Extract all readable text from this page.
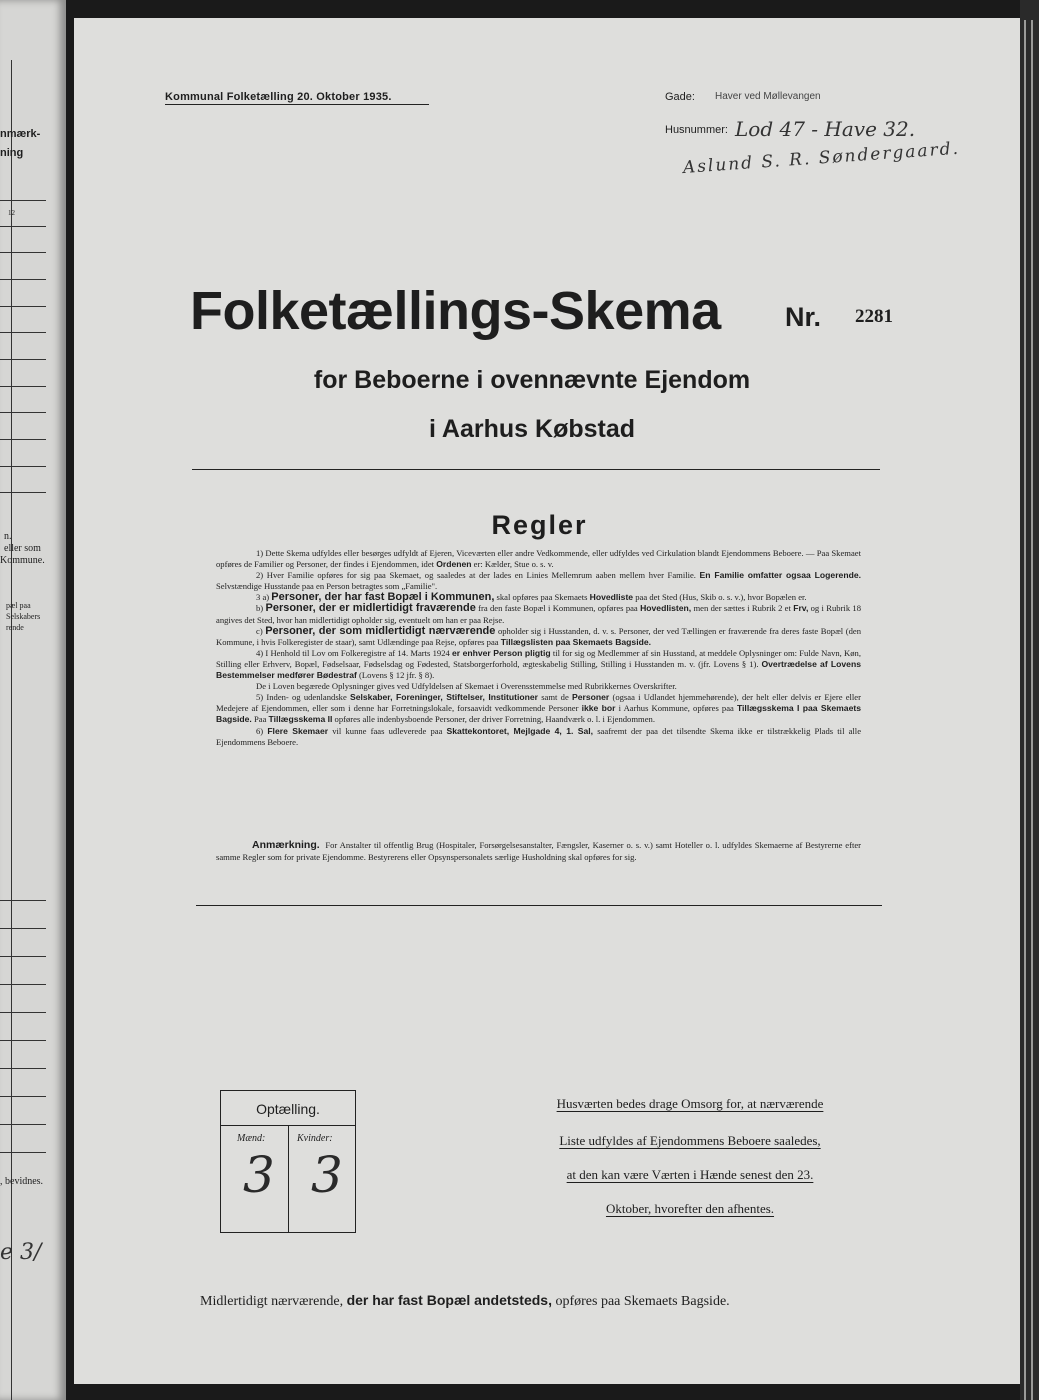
nmærk-
ning
12
n.
eller som
Kommune.
pæl paa
Selskabers
rende
, bevidnes.
e 3/
Kommunal Folketælling 20. Oktober 1935.	Gade: Haver ved Møllevangen
Husnummer: Lod 47 - Have 32.
Aslund S. R. Søndergaard.
Folketællings-Skema Nr. 2281
for Beboerne i ovennævnte Ejendom
i Aarhus Købstad
Regler

1) Dette Skema udfyldes eller besørges udfyldt af Ejeren, Viceværten eller andre Vedkommende, eller udfyldes ved Cirkulation blandt Ejendommens Beboere. — Paa Skemaet opføres de Familier og Personer, der findes i Ejendommen, idet Ordenen er: Kælder, Stue o. s. v.

2) Hver Familie opføres for sig paa Skemaet, og saaledes at der lades en Linies Mellemrum aaben mellem hver Familie. En Familie omfatter ogsaa Logerende. Selvstændige Husstande paa en Person betragtes som „Familie".

3 a) Personer, der har fast Bopæl i Kommunen, skal opføres paa Skemaets Hovedliste paa det Sted (Hus, Skib o. s. v.), hvor Bopælen er.

b) Personer, der er midlertidigt fraværende fra den faste Bopæl i Kommunen, opføres paa Hovedlisten, men der sættes i Rubrik 2 et Frv, og i Rubrik 18 angives det Sted, hvor han midlertidigt opholder sig, eventuelt om han er paa Rejse.

c) Personer, der som midlertidigt nærværende opholder sig i Husstanden, d. v. s. Personer, der ved Tællingen er fraværende fra deres faste Bopæl (den Kommune, i hvis Folkeregister de staar), samt Udlændinge paa Rejse, opføres paa Tillægslisten paa Skemaets Bagside.

4) I Henhold til Lov om Folkeregistre af 14. Marts 1924 er enhver Person pligtig til for sig og Medlemmer af sin Husstand, at meddele Oplysninger om: Fulde Navn, Køn, Stilling eller Erhverv, Bopæl, Fødselsaar, Fødselsdag og Fødested, Statsborgerforhold, ægteskabelig Stilling, Stilling i Husstanden m. v. (jfr. Lovens § 1). Overtrædelse af Lovens Bestemmelser medfører Bødestraf (Lovens § 12 jfr. § 8).

De i Loven begærede Oplysninger gives ved Udfyldelsen af Skemaet i Overensstemmelse med Rubrikkernes Overskrifter.

5) Inden- og udenlandske Selskaber, Foreninger, Stiftelser, Institutioner samt de Personer (ogsaa i Udlandet hjemmehørende), der helt eller delvis er Ejere eller Medejere af Ejendommen, eller som i denne har Forretningslokale, forsaavidt vedkommende Personer ikke bor i Aarhus Kommune, opføres paa Tillægsskema I paa Skemaets Bagside. Paa Tillægsskema II opføres alle indenbysboende Personer, der driver Forretning, Haandværk o. l. i Ejendommen.

6) Flere Skemaer vil kunne faas udleverede paa Skattekontoret, Mejlgade 4, 1. Sal, saafremt der paa det tilsendte Skema ikke er tilstrækkelig Plads til alle Ejendommens Beboere.

Anmærkning. For Anstalter til offentlig Brug (Hospitaler, Forsørgelsesanstalter, Fængsler, Kaserner o. s. v.) samt Hoteller o. l. udfyldes Skemaerne af Bestyrerne efter samme Regler som for private Ejendomme. Bestyrerens eller Opsynspersonalets særlige Husholdning skal opføres for sig.
Optælling.
Mænd:	Kvinder:
3 3
Husværten bedes drage Omsorg for, at nærværende
Liste udfyldes af Ejendommens Beboere saaledes,
at den kan være Værten i Hænde senest den 23.
Oktober, hvorefter den afhentes.
Midlertidigt nærværende, der har fast Bopæl andetsteds, opføres paa Skemaets Bagside.
